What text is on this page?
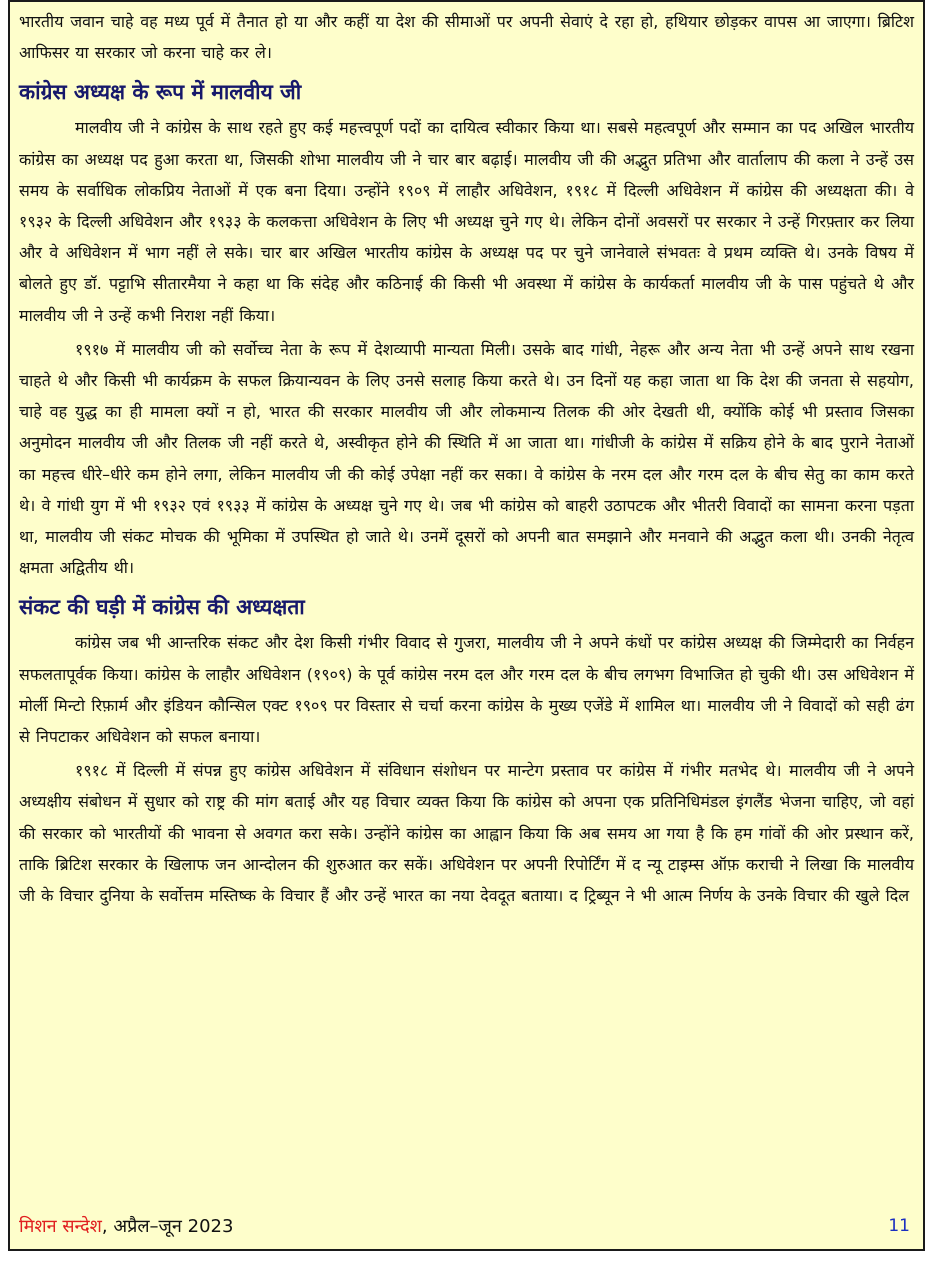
भारतीय जवान चाहे वह मध्य पूर्व में तैनात हो या और कहीं या देश की सीमाओं पर अपनी सेवाएं दे रहा हो, हथियार छोड़कर वापस आ जाएगा। ब्रिटिश आफिसर या सरकार जो करना चाहे कर ले।

कांग्रेस अध्यक्ष के रूप में मालवीय जी

मालवीय जी ने कांग्रेस के साथ रहते हुए कई महत्त्वपूर्ण पदों का दायित्व स्वीकार किया था। सबसे महत्वपूर्ण और सम्मान का पद अखिल भारतीय कांग्रेस का अध्यक्ष पद हुआ करता था, जिसकी शोभा मालवीय जी ने चार बार बढ़ाई। मालवीय जी की अद्भुत प्रतिभा और वार्तालाप की कला ने उन्हें उस समय के सर्वाधिक लोकप्रिय नेताओं में एक बना दिया। उन्होंने १९०९ में लाहौर अधिवेशन, १९१८ में दिल्ली अधिवेशन में कांग्रेस की अध्यक्षता की। वे १९३२ के दिल्ली अधिवेशन और १९३३ के कलकत्ता अधिवेशन के लिए भी अध्यक्ष चुने गए थे। लेकिन दोनों अवसरों पर सरकार ने उन्हें गिरफ़्तार कर लिया और वे अधिवेशन में भाग नहीं ले सके। चार बार अखिल भारतीय कांग्रेस के अध्यक्ष पद पर चुने जानेवाले संभवतः वे प्रथम व्यक्ति थे। उनके विषय में बोलते हुए डॉ. पट्टाभि सीतारमैया ने कहा था कि संदेह और कठिनाई की किसी भी अवस्था में कांग्रेस के कार्यकर्ता मालवीय जी के पास पहुंचते थे और मालवीय जी ने उन्हें कभी निराश नहीं किया।

१९१७ में मालवीय जी को सर्वोच्च नेता के रूप में देशव्यापी मान्यता मिली। उसके बाद गांधी, नेहरू और अन्य नेता भी उन्हें अपने साथ रखना चाहते थे और किसी भी कार्यक्रम के सफल क्रियान्यवन के लिए उनसे सलाह किया करते थे। उन दिनों यह कहा जाता था कि देश की जनता से सहयोग, चाहे वह युद्ध का ही मामला क्यों न हो, भारत की सरकार मालवीय जी और लोकमान्य तिलक की ओर देखती थी, क्योंकि कोई भी प्रस्ताव जिसका अनुमोदन मालवीय जी और तिलक जी नहीं करते थे, अस्वीकृत होने की स्थिति में आ जाता था। गांधीजी के कांग्रेस में सक्रिय होने के बाद पुराने नेताओं का महत्त्व धीरे–धीरे कम होने लगा, लेकिन मालवीय जी की कोई उपेक्षा नहीं कर सका। वे कांग्रेस के नरम दल और गरम दल के बीच सेतु का काम करते थे। वे गांधी युग में भी १९३२ एवं १९३३ में कांग्रेस के अध्यक्ष चुने गए थे। जब भी कांग्रेस को बाहरी उठापटक और भीतरी विवादों का सामना करना पड़ता था, मालवीय जी संकट मोचक की भूमिका में उपस्थित हो जाते थे। उनमें दूसरों को अपनी बात समझाने और मनवाने की अद्भुत कला थी। उनकी नेतृत्व क्षमता अद्वितीय थी।

संकट की घड़ी में कांग्रेस की अध्यक्षता

कांग्रेस जब भी आन्तरिक संकट और देश किसी गंभीर विवाद से गुजरा, मालवीय जी ने अपने कंधों पर कांग्रेस अध्यक्ष की जिम्मेदारी का निर्वहन सफलतापूर्वक किया। कांग्रेस के लाहौर अधिवेशन (१९०९) के पूर्व कांग्रेस नरम दल और गरम दल के बीच लगभग विभाजित हो चुकी थी। उस अधिवेशन में मोर्ली मिन्टो रिफ़ार्म और इंडियन कौन्सिल एक्ट १९०९ पर विस्तार से चर्चा करना कांग्रेस के मुख्य एजेंडे में शामिल था। मालवीय जी ने विवादों को सही ढंग से निपटाकर अधिवेशन को सफल बनाया।

१९१८ में दिल्ली में संपन्न हुए कांग्रेस अधिवेशन में संविधान संशोधन पर मान्टेग प्रस्ताव पर कांग्रेस में गंभीर मतभेद थे। मालवीय जी ने अपने अध्यक्षीय संबोधन में सुधार को राष्ट्र की मांग बताई और यह विचार व्यक्त किया कि कांग्रेस को अपना एक प्रतिनिधिमंडल इंगलैंड भेजना चाहिए, जो वहां की सरकार को भारतीयों की भावना से अवगत करा सके। उन्होंने कांग्रेस का आह्वान किया कि अब समय आ गया है कि हम गांवों की ओर प्रस्थान करें, ताकि ब्रिटिश सरकार के खिलाफ जन आन्दोलन की शुरुआत कर सकें। अधिवेशन पर अपनी रिपोर्टिंग में द न्यू टाइम्स ऑफ़ कराची ने लिखा कि मालवीय जी के विचार दुनिया के सर्वोत्तम मस्तिष्क के विचार हैं और उन्हें भारत का नया देवदूत बताया। द ट्रिब्यून ने भी आत्म निर्णय के उनके विचार की खुले दिल

मिशन सन्देश, अप्रैल–जून 2023	11
